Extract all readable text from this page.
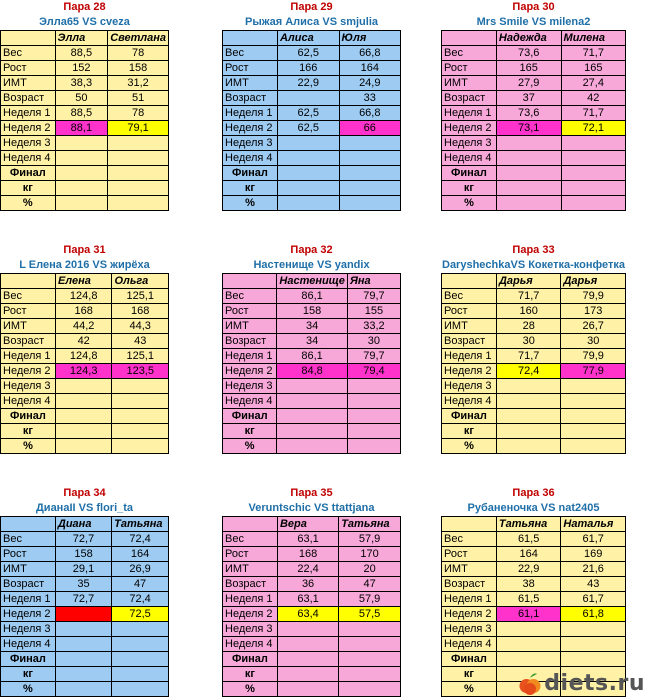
Пара 28
Элла65 VS cveza
	Элла	Светлана
Вес	88,5	78
Рост	152	158
ИМТ	38,3	31,2
Возраст	50	51
Неделя 1	88,5	78
Неделя 2	88,1	79,1
Неделя 3		
Неделя 4		
Финал		
кг		
%		
Пара 29
Рыжая Алиса VS smjulia
	Алиса	Юля
Вес	62,5	66,8
Рост	166	164
ИМТ	22,9	24,9
Возраст		33
Неделя 1	62,5	66,8
Неделя 2	62,5	66
Неделя 3		
Неделя 4		
Финал		
кг		
%		
Пара 30
Mrs Smile VS milena2
	Надежда	Милена
Вес	73,6	71,7
Рост	165	165
ИМТ	27,9	27,4
Возраст	37	42
Неделя 1	73,6	71,7
Неделя 2	73,1	72,1
Неделя 3		
Неделя 4		
Финал		
кг		
%		
Пара 31
L Елена 2016 VS жирёха
	Елена	Ольга
Вес	124,8	125,1
Рост	168	168
ИМТ	44,2	44,3
Возраст	42	43
Неделя 1	124,8	125,1
Неделя 2	124,3	123,5
Неделя 3		
Неделя 4		
Финал		
кг		
%		
Пара 32
Настенище VS yandix
	Настенище	Яна
Вес	86,1	79,7
Рост	158	155
ИМТ	34	33,2
Возраст	34	30
Неделя 1	86,1	79,7
Неделя 2	84,8	79,4
Неделя 3		
Неделя 4		
Финал		
кг		
%		
Пара 33
DaryshechkaVS Кокетка-конфетка
	Дарья	Дарья
Вес	71,7	79,9
Рост	160	173
ИМТ	28	26,7
Возраст	30	30
Неделя 1	71,7	79,9
Неделя 2	72,4	77,9
Неделя 3		
Неделя 4		
Финал		
кг		
%		
Пара 34
ДианаII VS flori_ta
	Диана	Татьяна
Вес	72,7	72,4
Рост	158	164
ИМТ	29,1	26,9
Возраст	35	47
Неделя 1	72,7	72,4
Неделя 2		72,5
Неделя 3		
Неделя 4		
Финал		
кг		
%		
Пара 35
Veruntschic VS ttattjana
	Вера	Татьяна
Вес	63,1	57,9
Рост	168	170
ИМТ	22,4	20
Возраст	36	47
Неделя 1	63,1	57,9
Неделя 2	63,4	57,5
Неделя 3		
Неделя 4		
Финал		
кг		
%		
Пара 36
Рубаненочка VS nat2405
	Татьяна	Наталья
Вес	61,5	61,7
Рост	164	169
ИМТ	22,9	21,6
Возраст	38	43
Неделя 1	61,5	61,7
Неделя 2	61,1	61,8
Неделя 3		
Неделя 4		
Финал		
кг		
%			diets.ru
